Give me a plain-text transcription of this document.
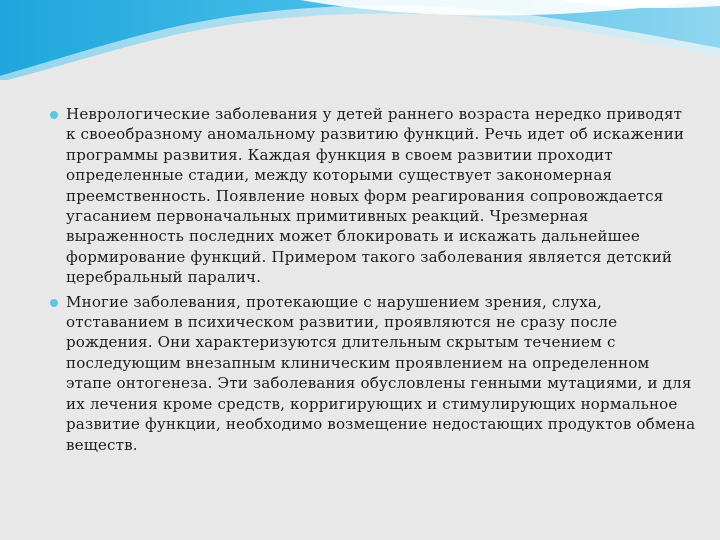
Неврологические заболевания у детей раннего возраста нередко приводят к своеобразному аномальному развитию функций. Речь идет об искажении программы развития. Каждая функция в своем развитии проходит определенные стадии, между которыми существует закономерная преемственность. Появление новых форм реагирования сопровождается угасанием первоначальных примитивных реакций. Чрезмерная выраженность последних может блокировать и искажать дальнейшее формирование функций. Примером такого заболевания является детский церебральный паралич.
Многие заболевания, протекающие с нарушением зрения, слуха, отставанием в психическом развитии, проявляются не сразу после рождения. Они характеризуются длительным скрытым течением с последующим внезапным клиническим проявлением на определенном этапе онтогенеза. Эти заболевания обусловлены генными мутациями, и для их лечения кроме средств, корригирующих и стимулирующих нормальное развитие функции, необходимо возмещение недостающих продуктов обмена веществ.
